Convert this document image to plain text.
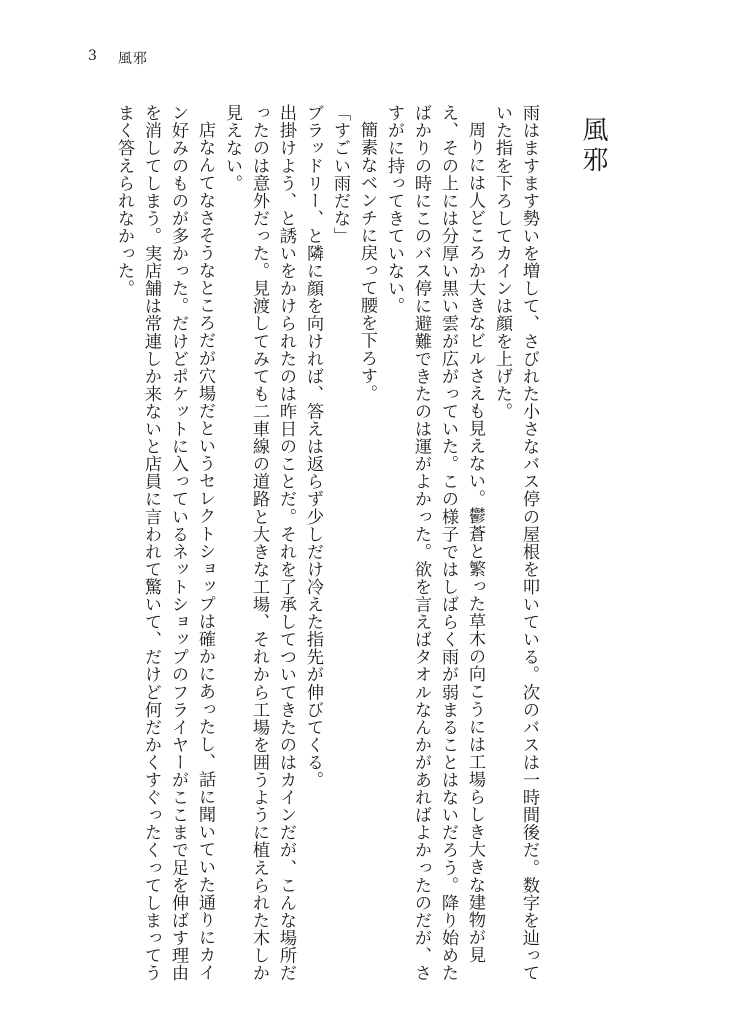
3 風邪
風邪

雨はますます勢いを増して、さびれた小さなバス停の屋根を叩いている。次のバスは一時間後だ。数字を辿っていた指を下ろしてカインは顔を上げた。

周りには人どころか大きなビルさえも見えない。鬱蒼と繁った草木の向こうには工場らしき大きな建物が見え、その上には分厚い黒い雲が広がっていた。この様子ではしばらく雨が弱まることはないだろう。降り始めたばかりの時にこのバス停に避難できたのは運がよかった。欲を言えばタオルなんかがあればよかったのだが、さすがに持ってきていない。

簡素なベンチに戻って腰を下ろす。

「すごい雨だな」

ブラッドリー、と隣に顔を向ければ、答えは返らず少しだけ冷えた指先が伸びてくる。

出掛けよう、と誘いをかけられたのは昨日のことだ。それを了承してついてきたのはカインだが、こんな場所だったのは意外だった。見渡してみても二車線の道路と大きな工場、それから工場を囲うように植えられた木しか見えない。

店なんてなさそうなところだが穴場だというセレクトショップは確かにあったし、話に聞いていた通りにカイン好みのものが多かった。だけどポケットに入っているネットショップのフライヤーがここまで足を伸ばす理由を消してしまう。実店舗は常連しか来ないと店員に言われて驚いて、だけど何だかくすぐったくってしまってうまく答えられなかった。
